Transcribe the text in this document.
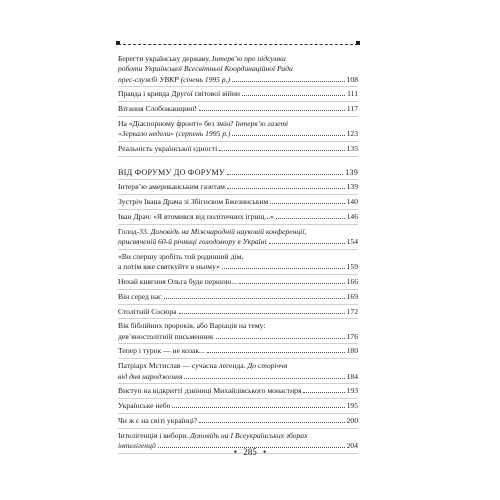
Берегти українську державу. Інтерв’ю про підсумки
роботи Української Всесвітньої Координаційної Ради
прес-службі УВКР (січень 1995 р.)	108
Правда і кривда Другої світової війни	111
Вітання Слобожанщині!	117
На «Діаспорному фронті» без змін? Інтерв’ю газеті
«Зеркало недели» (серпень 1995 р.)	123
Реальність української єдності	135
ВІД ФОРУМУ ДО ФОРУМУ	139
Інтерв’ю американським газетам	139
Зустріч Івана Драча зі Збігнєвом Бжезинським	140
Іван Драч: «Я втомився від політичних ігрищ...»	146
Голод-33. Доповідь на Міжнародній науковій конференції,
присвяченій 60-й річниці голодомору в Україні	154
«Ви спершу зробіть той родинний дім,
а потім вже святкуйте в ньому»	159
Нехай княгиня Ольга буде першою...	166
Він серед нас	169
Столітній Сосюра	172
Вік біблійних пророків, або Варіація на тему:
дев’яностолітній письменник	176
Тепер і турок — не козак...	180
Патріарх Мстислав — сучасна легенда. До сторіччя
від дня народження	184
Виступ на відкритті дзвіниці Михайлівського монастиря	193
Українське небо	195
Чи ж є на світі українці?	200
Інтелігенція і вибори. Доповідь на I Всеукраїнських зборах
інтелігенції	204
• 285 •
